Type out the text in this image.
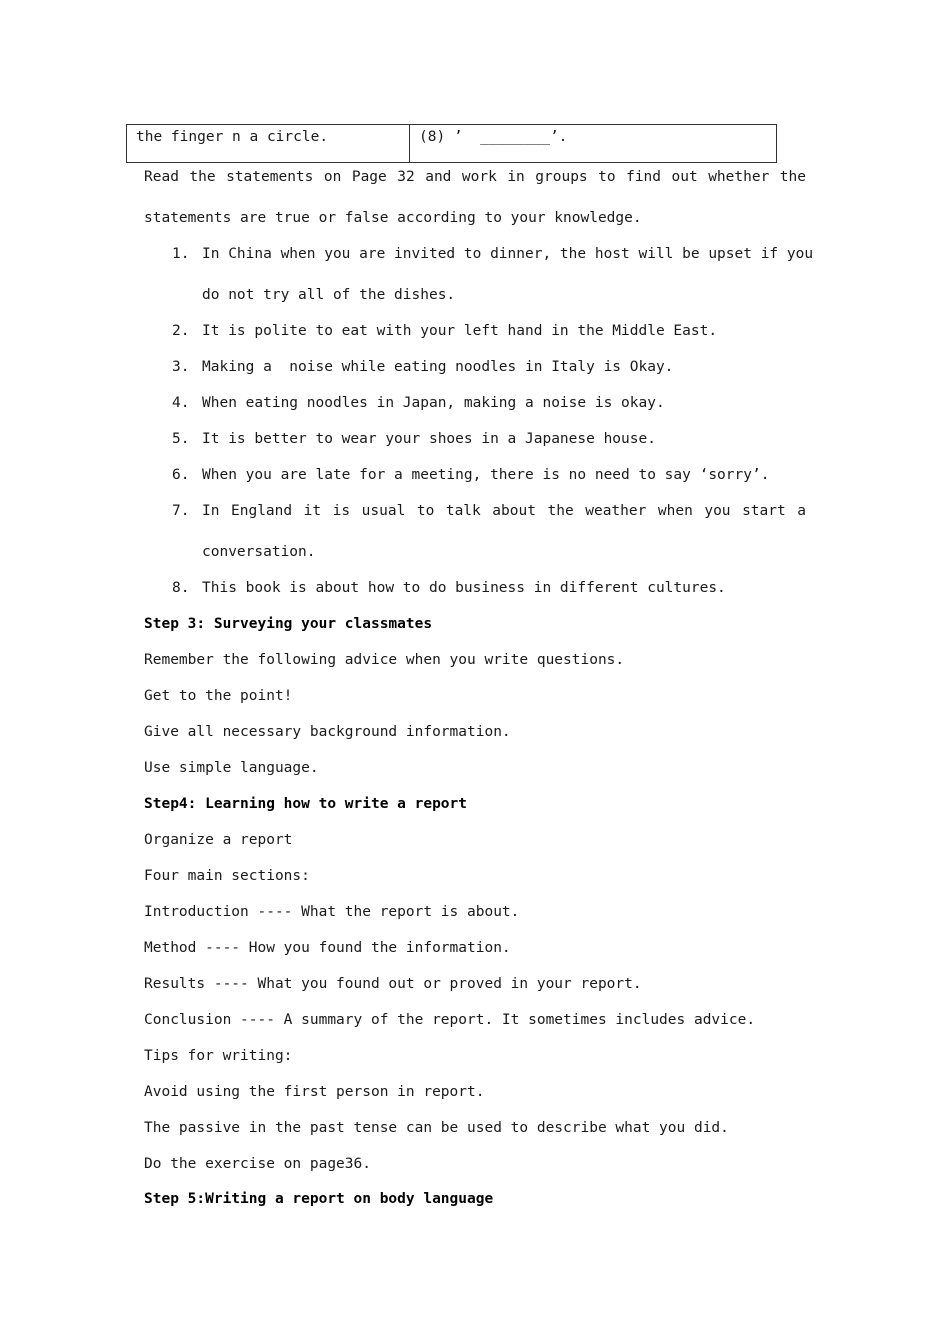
the finger n a circle.	(8) ’  ________’.
Read the statements on Page 32 and work in groups to find out whether the
statements are true or false according to your knowledge.
1. In China when you are invited to dinner, the host will be upset if you
do not try all of the dishes.
2. It is polite to eat with your left hand in the Middle East.
3. Making a  noise while eating noodles in Italy is Okay.
4. When eating noodles in Japan, making a noise is okay.
5. It is better to wear your shoes in a Japanese house.
6. When you are late for a meeting, there is no need to say ‘sorry’.
7. In England it is usual to talk about the weather when you start a
conversation.
8. This book is about how to do business in different cultures.
Step 3: Surveying your classmates
Remember the following advice when you write questions.
Get to the point!
Give all necessary background information.
Use simple language.
Step4: Learning how to write a report
Organize a report
Four main sections:
Introduction ---- What the report is about.
Method ---- How you found the information.
Results ---- What you found out or proved in your report.
Conclusion ---- A summary of the report. It sometimes includes advice.
Tips for writing:
Avoid using the first person in report.
The passive in the past tense can be used to describe what you did.
Do the exercise on page36.
Step 5:Writing a report on body language
